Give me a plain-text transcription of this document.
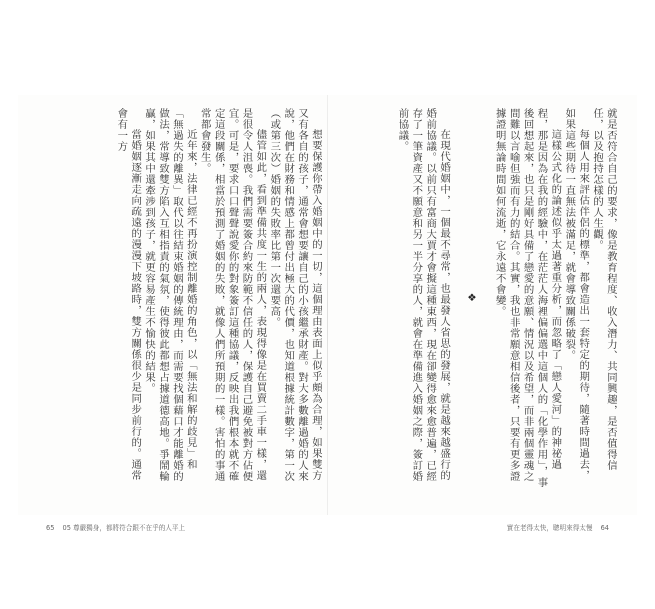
想要保護你帶入婚姻中的一切，這個理由表面上似乎頗為合理，如果雙方又有各自的孩子，通常會想要讓自己的小孩繼承財產。對大多數離過婚的人來說，他們在財務和情感上都曾付出極大的代價，也知道根據統計數字，第一次（或第三次）婚姻的失敗率比第一次還要高。

儘管如此，看到準備共度一生的兩人，表現得像是在買賣二手車一樣，還是很令人沮喪。我們需要簽合約來防範不信任的人，保護自己避免被對方佔便宜。可是，要求口口聲聲說愛你的對象簽訂這種協議，反映出我們根本就不確定這段關係，相當於預測了婚姻的失敗，就像人們所預期的一樣。害怕的事通常都會發生。

近年來，法律已經不再扮演控制離婚的角色，以「無法和解的歧見」和「無過失的離異」取代以往結束婚姻的傳統理由，而需要找個藉口才能離婚的做法，常導致雙方陷入互相指責的氣氛，使得彼此都想占據道德高地。爭鬧輪贏，如果其中還牽涉到孩子，就更容易產生不愉快的結果。

當婚姻逐漸走向疏遠的漫漫下坡路時，雙方關係很少是同步前行的。通常會有一方	就是否符合自己的要求，像是教育程度、收入潛力、共同興趣，是否值得信任，以及抱持怎樣的人生觀。

每個人用來評估伴侶的標準，都會造出一套特定的期待，隨著時間過去，如果這些期待一直無法被滿足，就會導致關係破裂。

這樣公式化的論述似乎太過著重分析，而忽略了「戀人愛河」的神祕過程，那是因為在我的經驗中，在茫茫人海裡偏偏選中這個人的「化學作用」，事後回想起來，也只是剛好具備了戀愛的意願、情況以及希望，而非兩個靈魂之間難以言喻但強而有力的結合。其實，我也非常願意相信後者，只要有更多證據證明無論時間如何流逝，它永遠不會變。

❖

在現代婚姻中，一個最不尋常，也最發人省思的發展，就是越來越盛行的婚前協議。以前只有富商大賈才會擬這種東西，現在卻變得愈來愈普遍，已經存了一筆資產又不願意和另一半分享的人，就會在準備進入婚姻之際，簽訂婚前協議。

65 05 尊嚴獨身，都將符合跟不在乎的人平上	實在老得太快，聰明來得太慢 64
